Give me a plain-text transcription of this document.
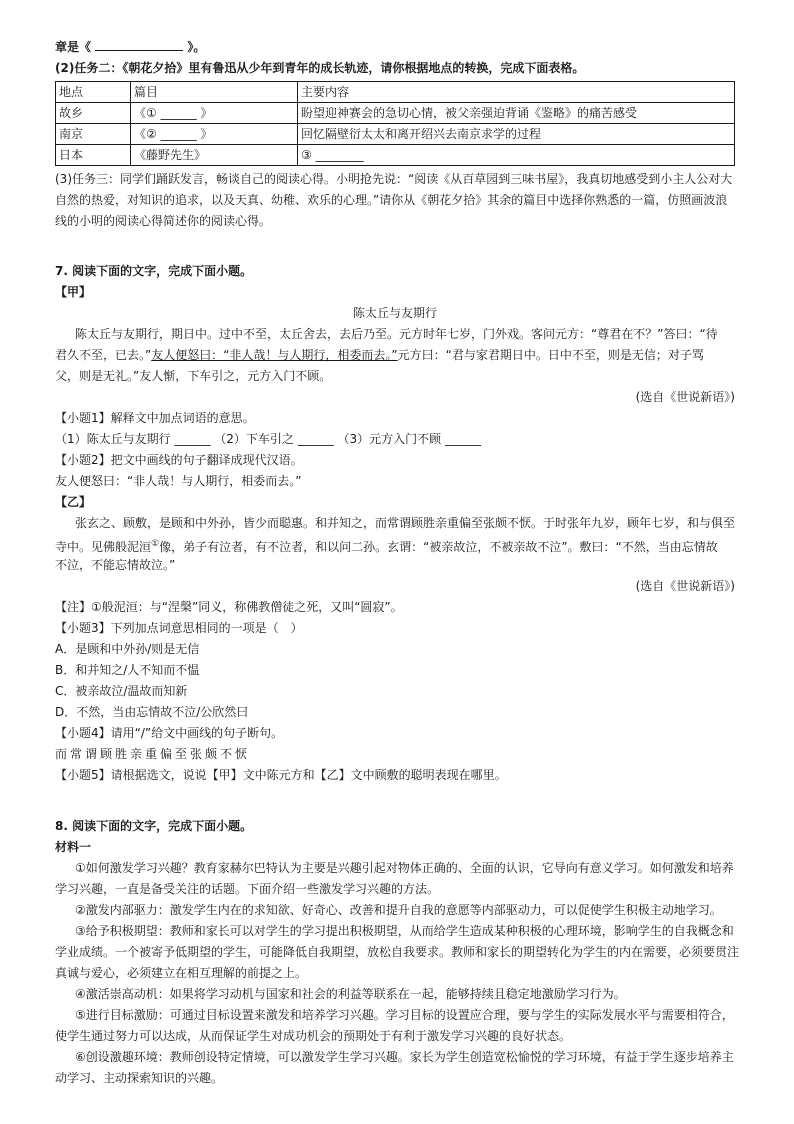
章是《	》。
(2)任务二：《朝花夕拾》里有鲁迅从少年到青年的成长轨迹，请你根据地点的转换，完成下面表格。
地点	篇目	主要内容
故乡	《① ______ 》	盼望迎神赛会的急切心情，被父亲强迫背诵《鉴略》的痛苦感受
南京	《② ______ 》	回忆隔壁衍太太和离开绍兴去南京求学的过程
日本	《藤野先生》	③ ________
(3)任务三：同学们踊跃发言，畅谈自己的阅读心得。小明抢先说：“阅读《从百草园到三味书屋》，我真切地感受到小主人公对大
自然的热爱，对知识的追求，以及天真、幼稚、欢乐的心理。”请你从《朝花夕拾》其余的篇目中选择你熟悉的一篇，仿照画波浪
线的小明的阅读心得简述你的阅读心得。
7. 阅读下面的文字，完成下面小题。
【甲】
陈太丘与友期行
陈太丘与友期行，期日中。过中不至，太丘舍去，去后乃至。元方时年七岁，门外戏。客问元方：“尊君在不？”答曰：“待
君久不至，已去。”友人便怒曰：“非人哉！与人期行，相委而去。”元方曰：“君与家君期日中。日中不至，则是无信；对子骂
父，则是无礼。”友人惭，下车引之，元方入门不顾。
(选自《世说新语》)
【小题1】解释文中加点词语的意思。
（1）陈太丘与友期行 ______ （2）下车引之 ______ （3）元方入门不顾 ______
【小题2】把文中画线的句子翻译成现代汉语。
友人便怒曰：“非人哉！与人期行，相委而去。”
【乙】
张玄之、顾敷，是顾和中外孙，皆少而聪惠。和并知之，而常谓顾胜亲重偏至张颇不恹。于时张年九岁，顾年七岁，和与俱至
寺中。见佛般泥洹①像，弟子有泣者，有不泣者，和以问二孙。玄谓：“被亲故泣，不被亲故不泣”。敷曰：“不然，当由忘情故
不泣，不能忘情故泣。”
(选自《世说新语》)
【注】①般泥洹：与“涅槃”同义，称佛教僧徒之死，又叫“圆寂”。
【小题3】下列加点词意思相同的一项是（　）
A．是顾和中外孙/则是无信
B．和并知之/人不知而不愠
C．被亲故泣/温故而知新
D．不然，当由忘情故不泣/公欣然曰
【小题4】请用“/”给文中画线的句子断句。
而常谓顾胜亲重偏至张颇不恹
【小题5】请根据选文，说说【甲】文中陈元方和【乙】文中顾敷的聪明表现在哪里。
8. 阅读下面的文字，完成下面小题。
材料一
①如何激发学习兴趣？教育家赫尔巴特认为主要是兴趣引起对物体正确的、全面的认识，它导向有意义学习。如何激发和培养
学习兴趣，一直是备受关注的话题。下面介绍一些激发学习兴趣的方法。
②激发内部驱力：激发学生内在的求知欲、好奇心、改善和提升自我的意愿等内部驱动力，可以促使学生积极主动地学习。
③给予积极期望：教师和家长可以对学生的学习提出积极期望，从而给学生造成某种积极的心理环境，影响学生的自我概念和
学业成绩。一个被寄予低期望的学生，可能降低自我期望，放松自我要求。教师和家长的期望转化为学生的内在需要，必须要贯注
真诚与爱心，必须建立在相互理解的前提之上。
④激活崇高动机：如果将学习动机与国家和社会的利益等联系在一起，能够持续且稳定地激励学习行为。
⑤进行目标激励：可通过目标设置来激发和培养学习兴趣。学习目标的设置应合理，要与学生的实际发展水平与需要相符合，
使学生通过努力可以达成，从而保证学生对成功机会的预期处于有利于激发学习兴趣的良好状态。
⑥创设激趣环境：教师创设特定情境，可以激发学生学习兴趣。家长为学生创造宽松愉悦的学习环境，有益于学生逐步培养主
动学习、主动探索知识的兴趣。
